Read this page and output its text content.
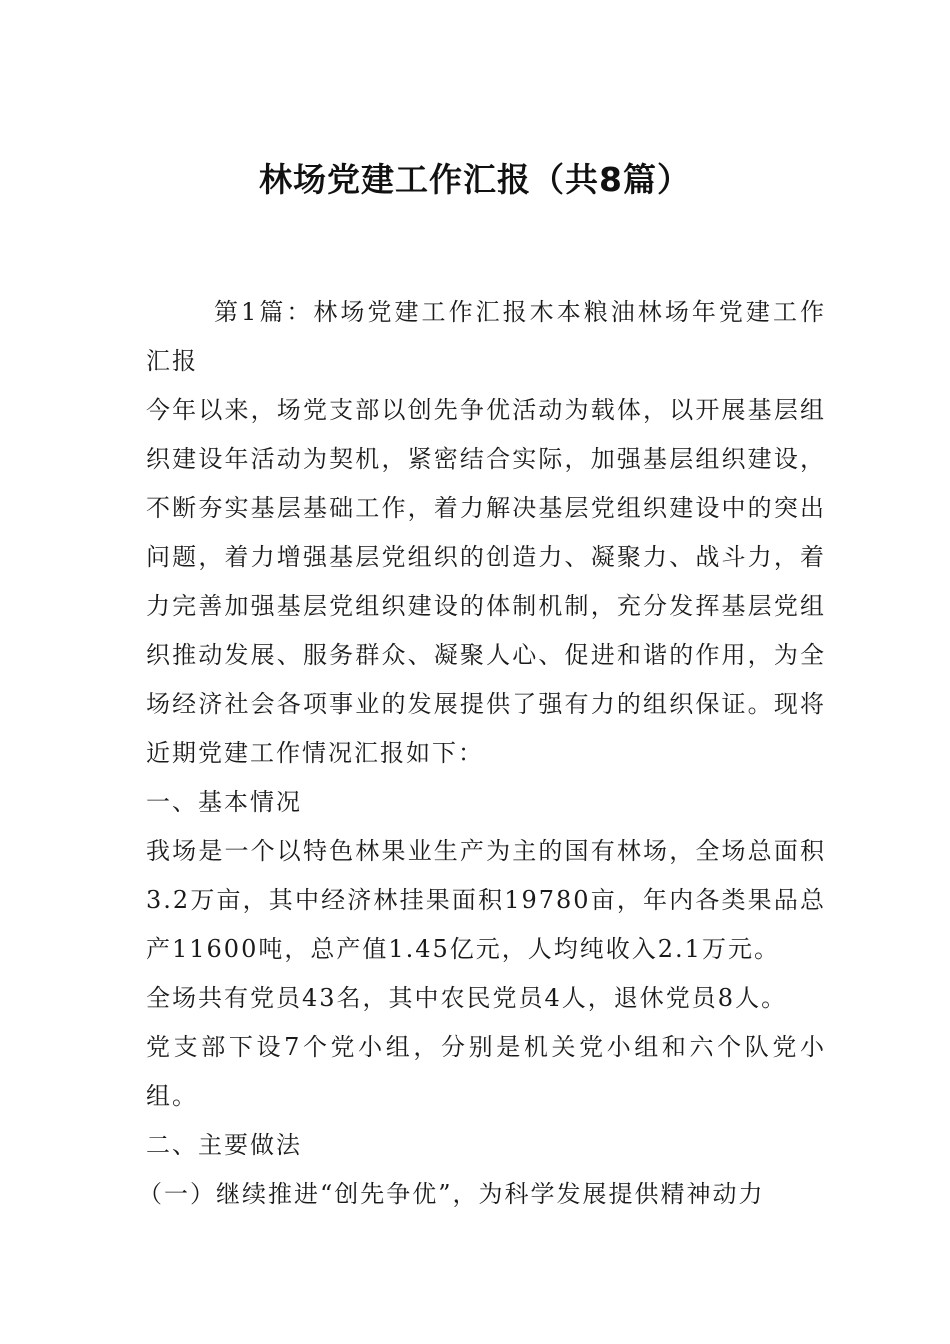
林场党建工作汇报（共8篇）

第1篇：林场党建工作汇报木本粮油林场年党建工作汇报

今年以来，场党支部以创先争优活动为载体，以开展基层组织建设年活动为契机，紧密结合实际，加强基层组织建设，不断夯实基层基础工作，着力解决基层党组织建设中的突出问题，着力增强基层党组织的创造力、凝聚力、战斗力，着力完善加强基层党组织建设的体制机制，充分发挥基层党组织推动发展、服务群众、凝聚人心、促进和谐的作用，为全场经济社会各项事业的发展提供了强有力的组织保证。现将近期党建工作情况汇报如下：

一、基本情况

我场是一个以特色林果业生产为主的国有林场，全场总面积3.2万亩，其中经济林挂果面积19780亩，年内各类果品总产11600吨，总产值1.45亿元，人均纯收入2.1万元。

全场共有党员43名，其中农民党员4人，退休党员8人。

党支部下设7个党小组，分别是机关党小组和六个队党小组。

二、主要做法

（一）继续推进“创先争优”，为科学发展提供精神动力
